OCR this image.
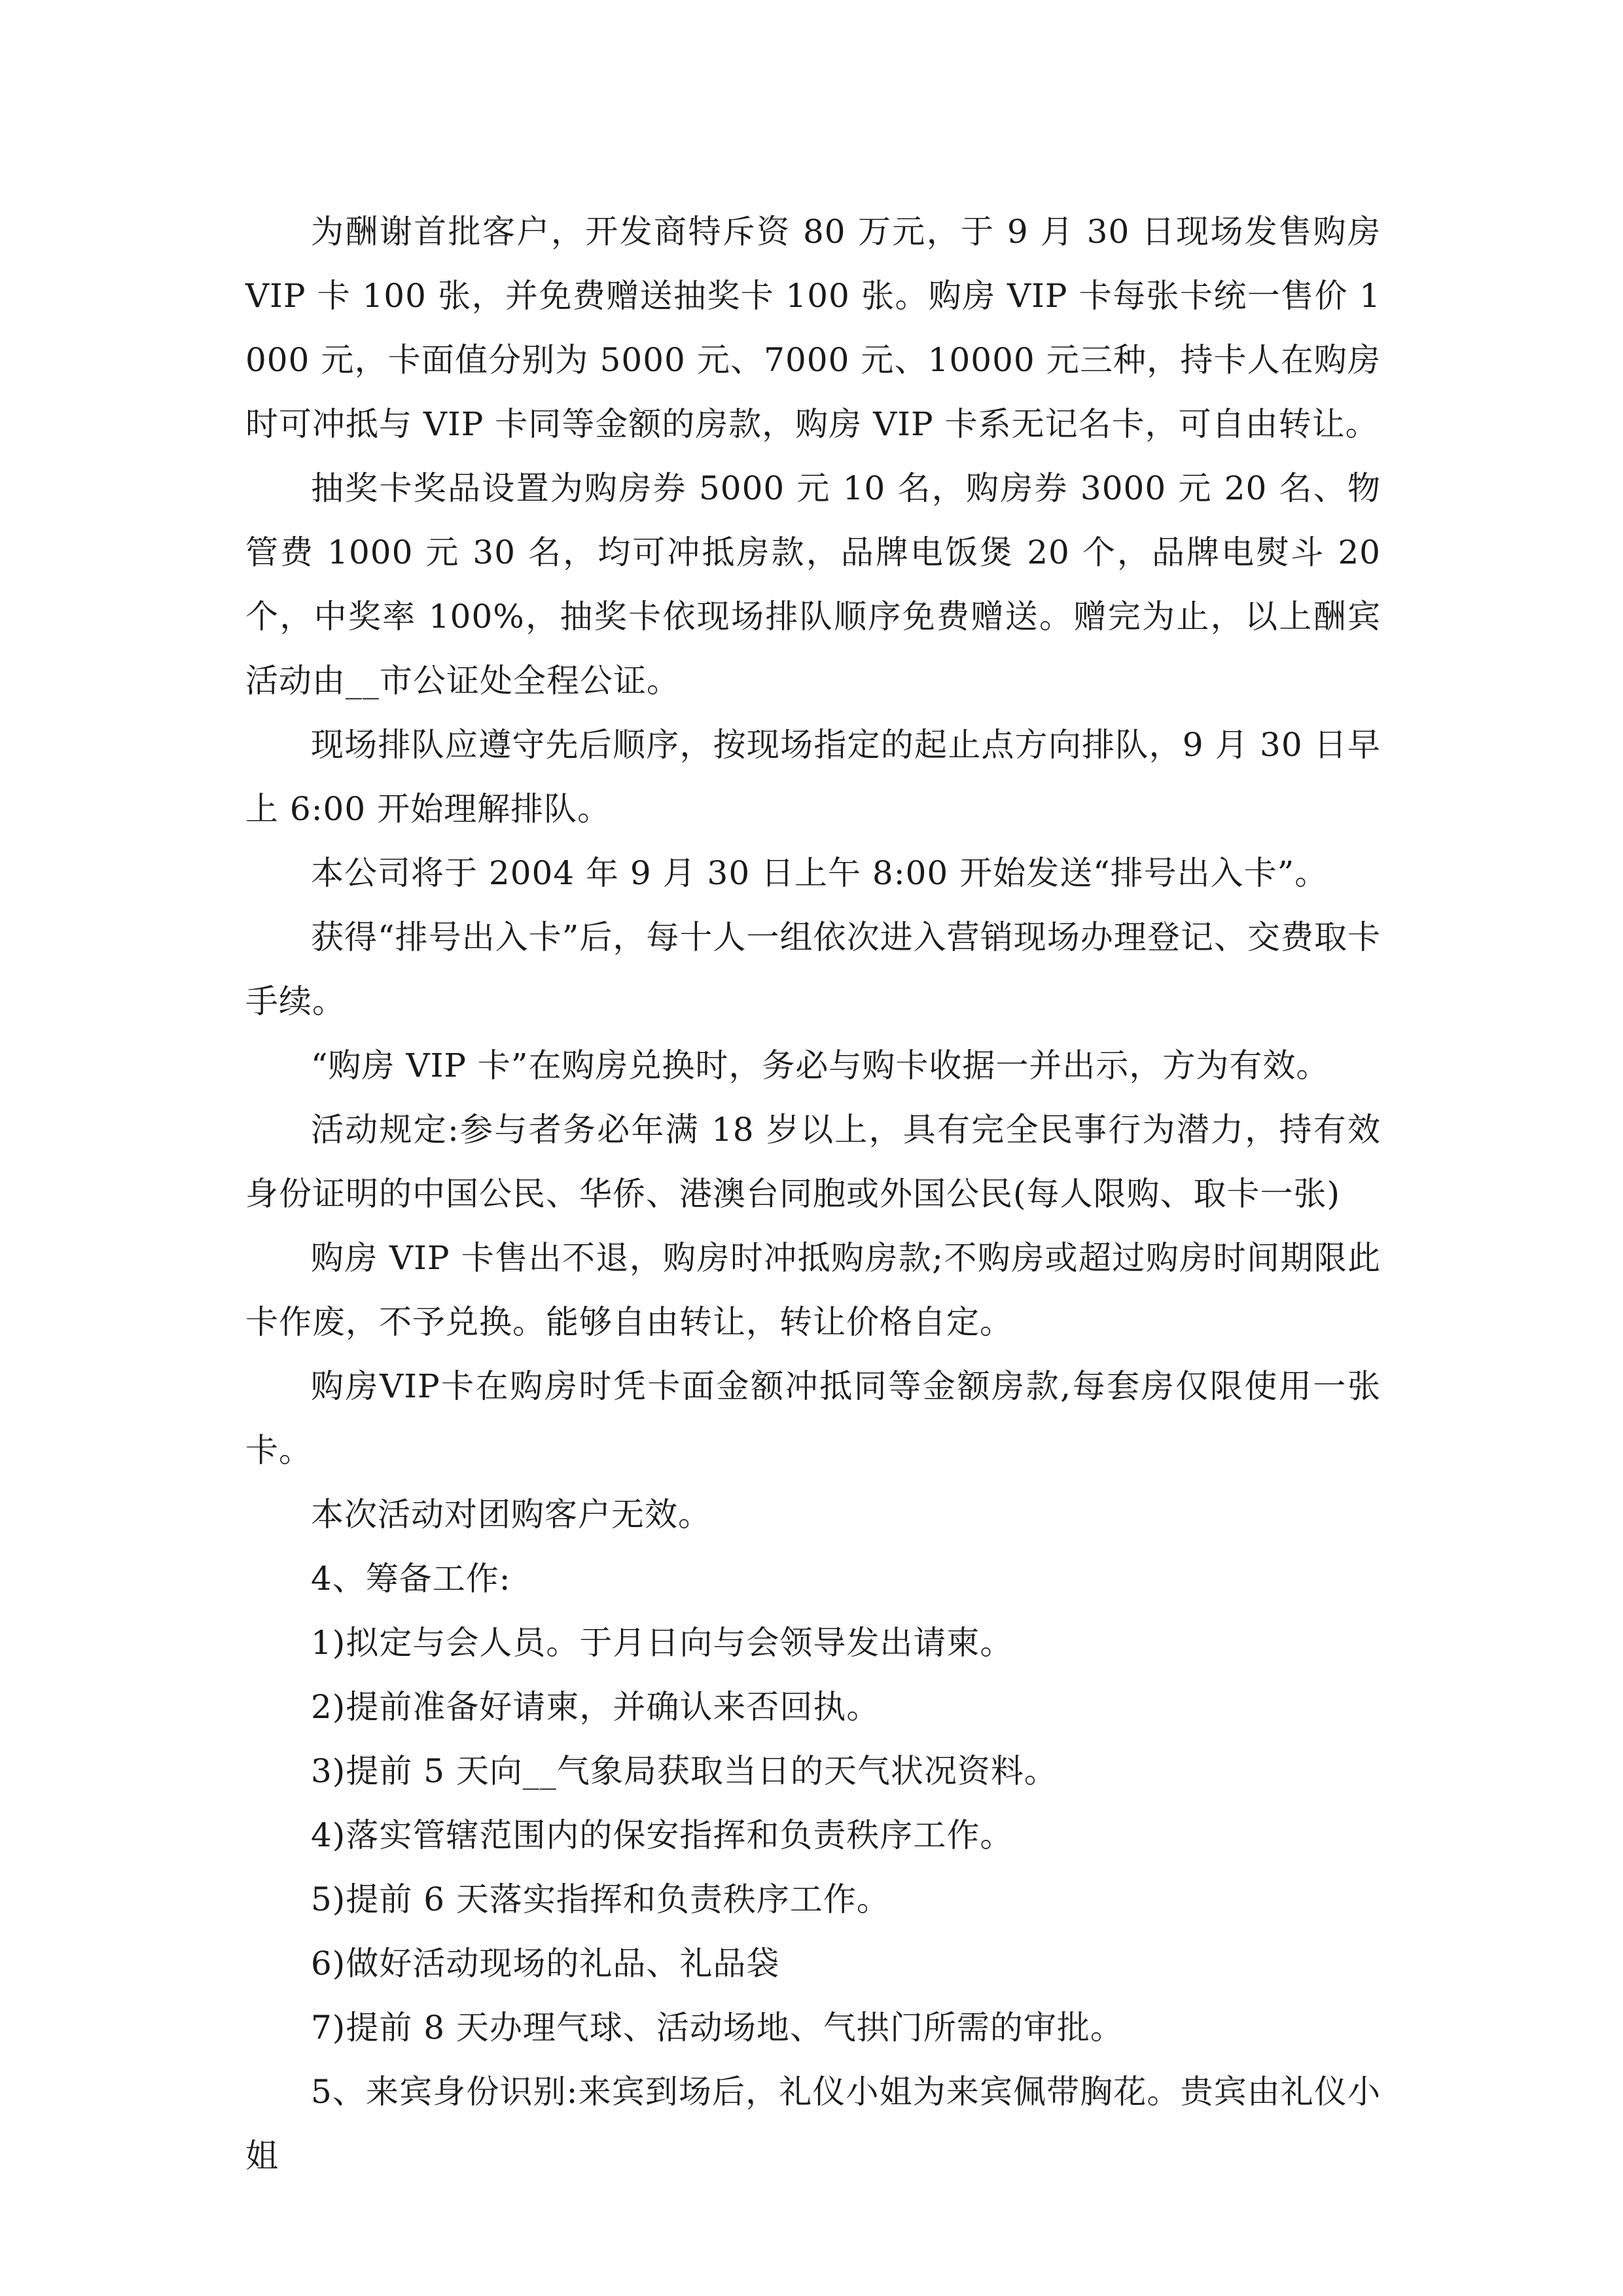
为酬谢首批客户，开发商特斥资 80 万元，于 9 月 30 日现场发售购房 VIP 卡 100 张，并免费赠送抽奖卡 100 张。购房 VIP 卡每张卡统一售价 1000 元，卡面值分别为 5000 元、7000 元、10000 元三种，持卡人在购房时可冲抵与 VIP 卡同等金额的房款，购房 VIP 卡系无记名卡，可自由转让。

抽奖卡奖品设置为购房券 5000 元 10 名，购房券 3000 元 20 名、物管费 1000 元 30 名，均可冲抵房款，品牌电饭煲 20 个，品牌电熨斗 20 个，中奖率 100%，抽奖卡依现场排队顺序免费赠送。赠完为止，以上酬宾活动由__市公证处全程公证。

现场排队应遵守先后顺序，按现场指定的起止点方向排队，9 月 30 日早上 6:00 开始理解排队。

本公司将于 2004 年 9 月 30 日上午 8:00 开始发送“排号出入卡”。

获得“排号出入卡”后，每十人一组依次进入营销现场办理登记、交费取卡手续。

“购房 VIP 卡”在购房兑换时，务必与购卡收据一并出示，方为有效。

活动规定:参与者务必年满 18 岁以上，具有完全民事行为潜力，持有效身份证明的中国公民、华侨、港澳台同胞或外国公民(每人限购、取卡一张)

购房 VIP 卡售出不退，购房时冲抵购房款;不购房或超过购房时间期限此卡作废，不予兑换。能够自由转让，转让价格自定。

购房VIP卡在购房时凭卡面金额冲抵同等金额房款,每套房仅限使用一张卡。

本次活动对团购客户无效。

4、筹备工作:

1)拟定与会人员。于月日向与会领导发出请柬。

2)提前准备好请柬，并确认来否回执。

3)提前 5 天向__气象局获取当日的天气状况资料。

4)落实管辖范围内的保安指挥和负责秩序工作。

5)提前 6 天落实指挥和负责秩序工作。

6)做好活动现场的礼品、礼品袋

7)提前 8 天办理气球、活动场地、气拱门所需的审批。

5、来宾身份识别:来宾到场后，礼仪小姐为来宾佩带胸花。贵宾由礼仪小姐
